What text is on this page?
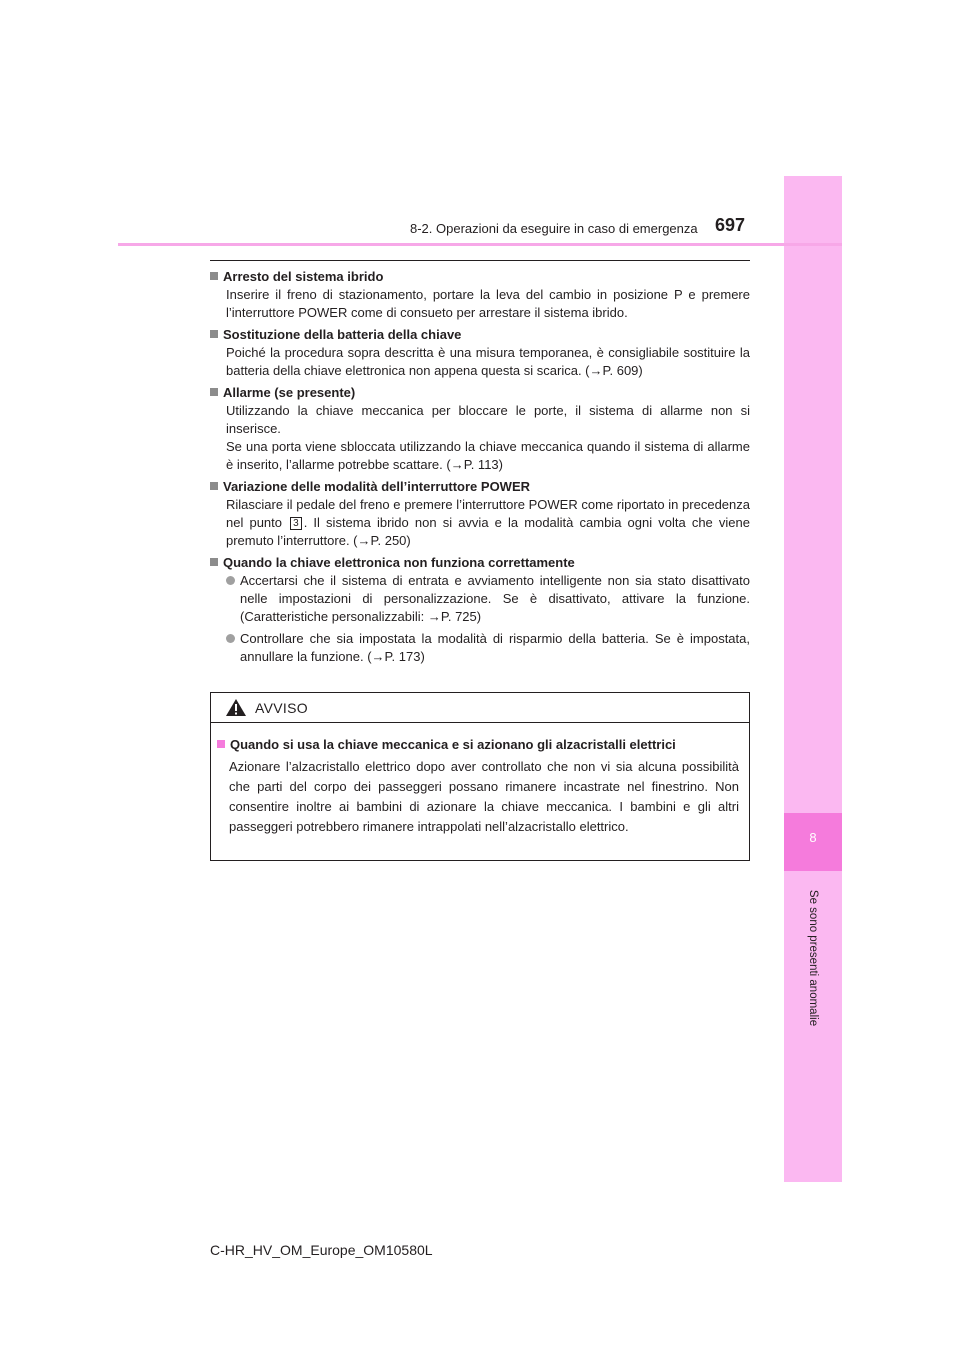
8
Se sono presenti anomalie
8-2. Operazioni da eseguire in caso di emergenza 697
Arresto del sistema ibrido
Inserire il freno di stazionamento, portare la leva del cambio in posizione P e premere l’interruttore POWER come di consueto per arrestare il sistema ibrido.
Sostituzione della batteria della chiave
Poiché la procedura sopra descritta è una misura temporanea, è consigliabile sostituire la batteria della chiave elettronica non appena questa si scarica. (→P. 609)
Allarme (se presente)
Utilizzando la chiave meccanica per bloccare le porte, il sistema di allarme non si inserisce.
Se una porta viene sbloccata utilizzando la chiave meccanica quando il sistema di allarme è inserito, l’allarme potrebbe scattare. (→P. 113)
Variazione delle modalità dell’interruttore POWER
Rilasciare il pedale del freno e premere l’interruttore POWER come riportato in precedenza nel punto 3 . Il sistema ibrido non si avvia e la modalità cambia ogni volta che viene premuto l’interruttore. (→P. 250)
Quando la chiave elettronica non funziona correttamente
Accertarsi che il sistema di entrata e avviamento intelligente non sia stato disattivato nelle impostazioni di personalizzazione. Se è disattivato, attivare la funzione. (Caratteristiche personalizzabili: →P. 725)
Controllare che sia impostata la modalità di risparmio della batteria. Se è impostata, annullare la funzione. (→P. 173)
AVVISO
Quando si usa la chiave meccanica e si azionano gli alzacristalli elettrici
Azionare l’alzacristallo elettrico dopo aver controllato che non vi sia alcuna possibilità che parti del corpo dei passeggeri possano rimanere incastrate nel finestrino. Non consentire inoltre ai bambini di azionare la chiave meccanica. I bambini e gli altri passeggeri potrebbero rimanere intrappolati nell’alzacristallo elettrico.
C-HR_HV_OM_Europe_OM10580L
